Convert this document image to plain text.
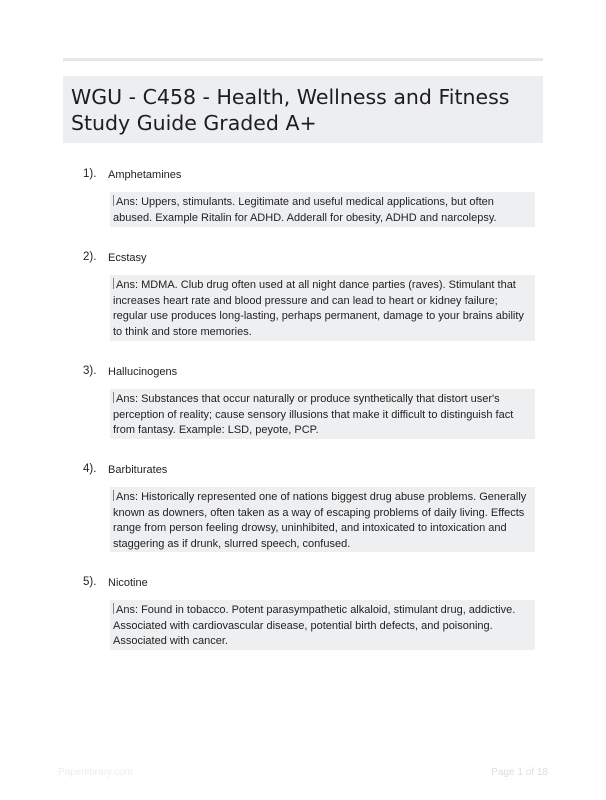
WGU - C458 - Health, Wellness and Fitness Study Guide Graded A+
1). Amphetamines
Ans: Uppers, stimulants. Legitimate and useful medical applications, but often abused. Example Ritalin for ADHD. Adderall for obesity, ADHD and narcolepsy.
2). Ecstasy
Ans: MDMA. Club drug often used at all night dance parties (raves). Stimulant that increases heart rate and blood pressure and can lead to heart or kidney failure; regular use produces long-lasting, perhaps permanent, damage to your brains ability to think and store memories.
3). Hallucinogens
Ans: Substances that occur naturally or produce synthetically that distort user's perception of reality; cause sensory illusions that make it difficult to distinguish fact from fantasy. Example: LSD, peyote, PCP.
4). Barbiturates
Ans: Historically represented one of nations biggest drug abuse problems. Generally known as downers, often taken as a way of escaping problems of daily living. Effects range from person feeling drowsy, uninhibited, and intoxicated to intoxication and staggering as if drunk, slurred speech, confused.
5). Nicotine
Ans: Found in tobacco. Potent parasympathetic alkaloid, stimulant drug, addictive. Associated with cardiovascular disease, potential birth defects, and poisoning. Associated with cancer.
Paperlibrary.com	Page 1 of 18
